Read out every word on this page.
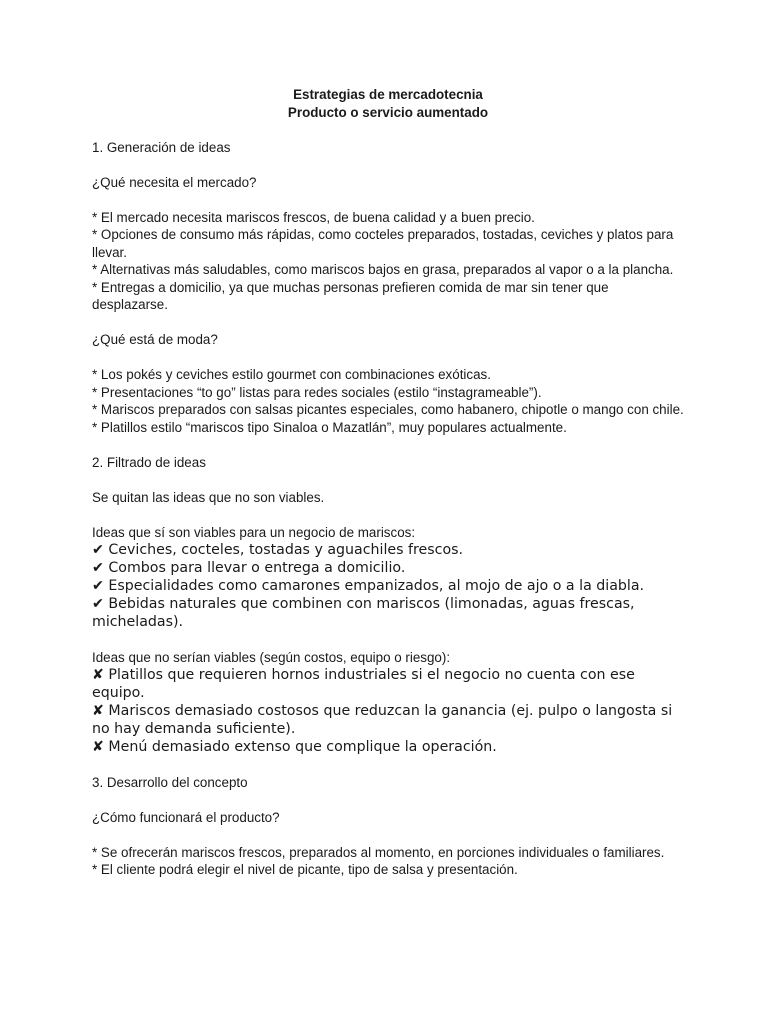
Estrategias de mercadotecnia
Producto o servicio aumentado

1. Generación de ideas

¿Qué necesita el mercado?

* El mercado necesita mariscos frescos, de buena calidad y a buen precio.

* Opciones de consumo más rápidas, como cocteles preparados, tostadas, ceviches y platos para llevar.

* Alternativas más saludables, como mariscos bajos en grasa, preparados al vapor o a la plancha.

* Entregas a domicilio, ya que muchas personas prefieren comida de mar sin tener que desplazarse.

¿Qué está de moda?

* Los pokés y ceviches estilo gourmet con combinaciones exóticas.

* Presentaciones “to go” listas para redes sociales (estilo “instagrameable”).

* Mariscos preparados con salsas picantes especiales, como habanero, chipotle o mango con chile.

* Platillos estilo “mariscos tipo Sinaloa o Mazatlán”, muy populares actualmente.

2. Filtrado de ideas

Se quitan las ideas que no son viables.

Ideas que sí son viables para un negocio de mariscos:

✔ Ceviches, cocteles, tostadas y aguachiles frescos.

✔ Combos para llevar o entrega a domicilio.

✔ Especialidades como camarones empanizados, al mojo de ajo o a la diabla.

✔ Bebidas naturales que combinen con mariscos (limonadas, aguas frescas, micheladas).

Ideas que no serían viables (según costos, equipo o riesgo):

✘ Platillos que requieren hornos industriales si el negocio no cuenta con ese equipo.

✘ Mariscos demasiado costosos que reduzcan la ganancia (ej. pulpo o langosta si no hay demanda suficiente).

✘ Menú demasiado extenso que complique la operación.

3. Desarrollo del concepto

¿Cómo funcionará el producto?

* Se ofrecerán mariscos frescos, preparados al momento, en porciones individuales o familiares.

* El cliente podrá elegir el nivel de picante, tipo de salsa y presentación.
